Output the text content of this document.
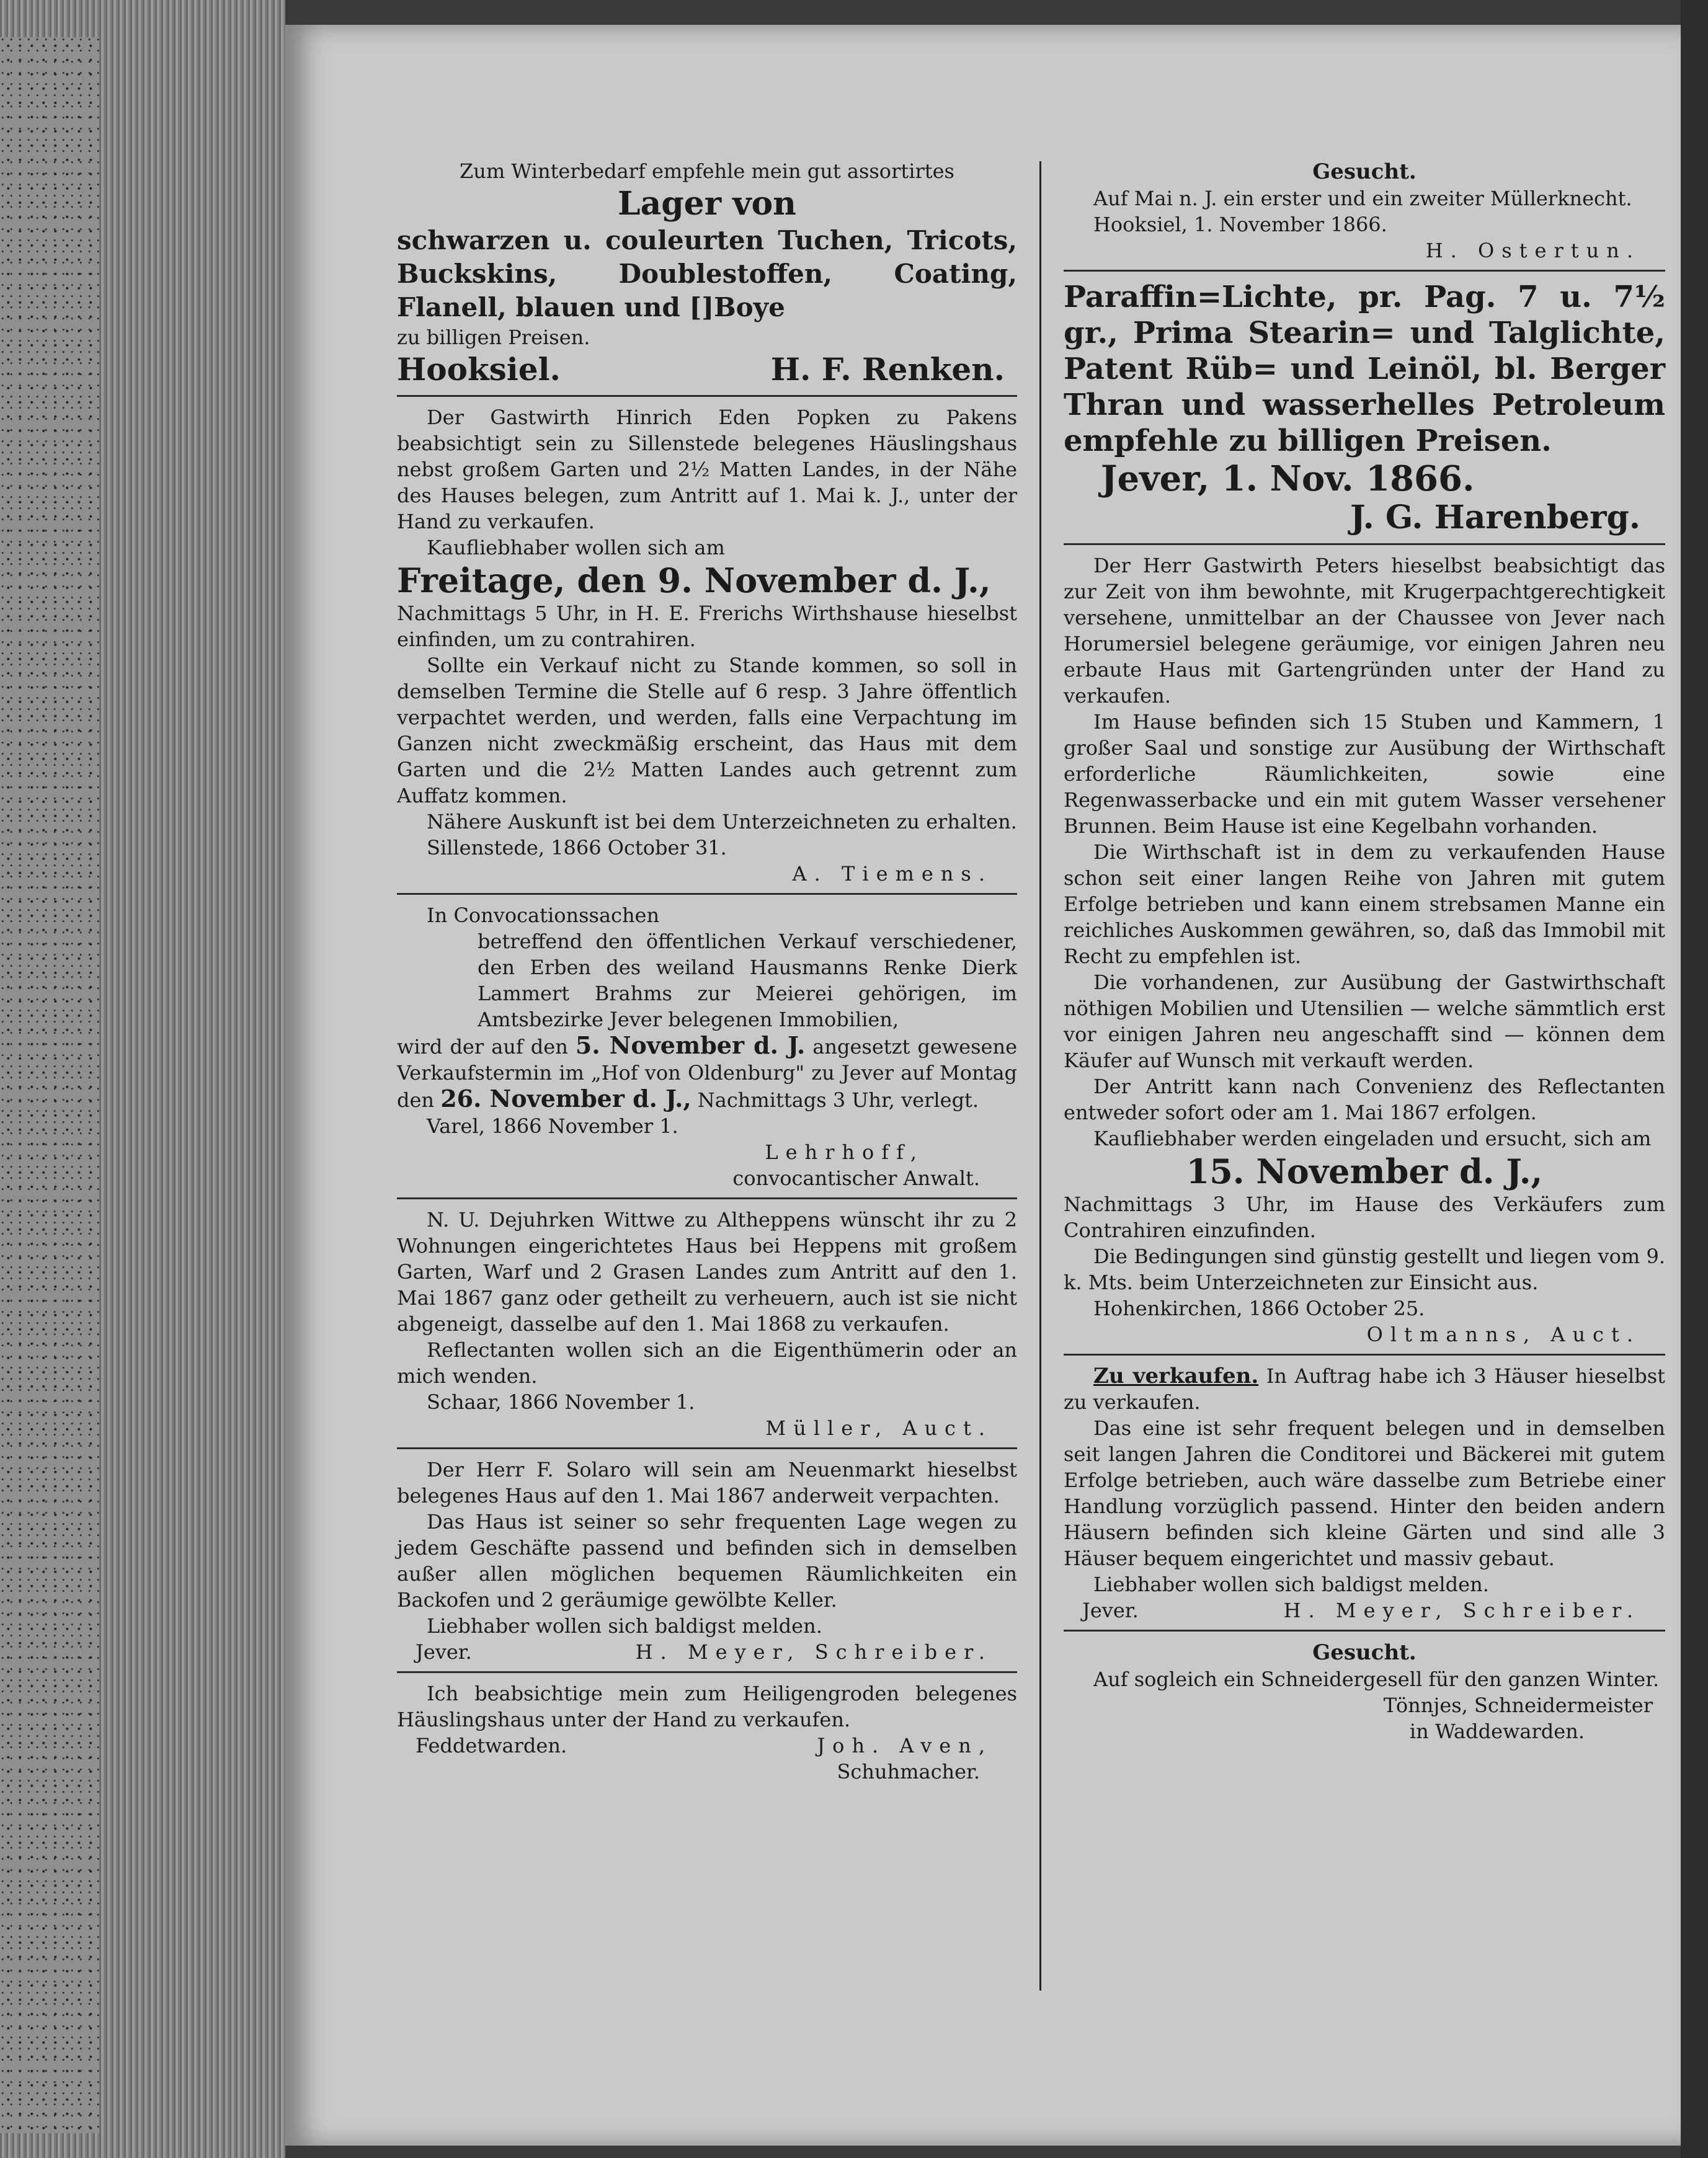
Zum Winterbedarf empfehle mein gut assortirtes
Lager von
schwarzen u. couleurten Tuchen, Tricots, Buckskins, Doublestoffen, Coating, Flanell, blauen und []Boye
zu billigen Preisen.
Hooksiel.	H. F. Renken.
Der Gastwirth Hinrich Eden Popken zu Pakens beabsichtigt sein zu Sillenstede belegenes Häuslingshaus nebst großem Garten und 2½ Matten Landes, in der Nähe des Hauses belegen, zum Antritt auf 1. Mai k. J., unter der Hand zu verkaufen.
Kaufliebhaber wollen sich am
Freitage, den 9. November d. J.,
Nachmittags 5 Uhr, in H. E. Frerichs Wirthshause hieselbst einfinden, um zu contrahiren.
Sollte ein Verkauf nicht zu Stande kommen, so soll in demselben Termine die Stelle auf 6 resp. 3 Jahre öffentlich verpachtet werden, und werden, falls eine Verpachtung im Ganzen nicht zweckmäßig erscheint, das Haus mit dem Garten und die 2½ Matten Landes auch getrennt zum Auffatz kommen.
Nähere Auskunft ist bei dem Unterzeichneten zu erhalten.
Sillenstede, 1866 October 31.
A. Tiemens.
In Convocationssachen
betreffend den öffentlichen Verkauf verschiedener, den Erben des weiland Hausmanns Renke Dierk Lammert Brahms zur Meierei gehörigen, im Amtsbezirke Jever belegenen Immobilien,
wird der auf den 5. November d. J. angesetzt gewesene Verkaufstermin im „Hof von Oldenburg" zu Jever auf Montag den 26. November d. J., Nachmittags 3 Uhr, verlegt.
Varel, 1866 November 1.
Lehrhoff,
convocantischer Anwalt.
N. U. Dejuhrken Wittwe zu Altheppens wünscht ihr zu 2 Wohnungen eingerichtetes Haus bei Heppens mit großem Garten, Warf und 2 Grasen Landes zum Antritt auf den 1. Mai 1867 ganz oder getheilt zu verheuern, auch ist sie nicht abgeneigt, dasselbe auf den 1. Mai 1868 zu verkaufen.
Reflectanten wollen sich an die Eigenthümerin oder an mich wenden.
Schaar, 1866 November 1.
Müller, Auct.
Der Herr F. Solaro will sein am Neuenmarkt hieselbst belegenes Haus auf den 1. Mai 1867 anderweit verpachten.
Das Haus ist seiner so sehr frequenten Lage wegen zu jedem Geschäfte passend und befinden sich in demselben außer allen möglichen bequemen Räumlichkeiten ein Backofen und 2 geräumige gewölbte Keller.
Liebhaber wollen sich baldigst melden.
Jever.	H. Meyer, Schreiber.
Ich beabsichtige mein zum Heiligengroden belegenes Häuslingshaus unter der Hand zu verkaufen.
Feddetwarden.	Joh. Aven,
Schuhmacher.
Gesucht.
Auf Mai n. J. ein erster und ein zweiter Müllerknecht.
Hooksiel, 1. November 1866.
H. Ostertun.
Paraffin=Lichte, pr. Pag. 7 u. 7½ gr., Prima Stearin= und Talglichte, Patent Rüb= und Leinöl, bl. Berger Thran und wasserhelles Petroleum empfehle zu billigen Preisen.
Jever, 1. Nov. 1866.
J. G. Harenberg.
Der Herr Gastwirth Peters hieselbst beabsichtigt das zur Zeit von ihm bewohnte, mit Krugerpachtgerechtigkeit versehene, unmittelbar an der Chaussee von Jever nach Horumersiel belegene geräumige, vor einigen Jahren neu erbaute Haus mit Gartengründen unter der Hand zu verkaufen.
Im Hause befinden sich 15 Stuben und Kammern, 1 großer Saal und sonstige zur Ausübung der Wirthschaft erforderliche Räumlichkeiten, sowie eine Regenwasserbacke und ein mit gutem Wasser versehener Brunnen. Beim Hause ist eine Kegelbahn vorhanden.
Die Wirthschaft ist in dem zu verkaufenden Hause schon seit einer langen Reihe von Jahren mit gutem Erfolge betrieben und kann einem strebsamen Manne ein reichliches Auskommen gewähren, so, daß das Immobil mit Recht zu empfehlen ist.
Die vorhandenen, zur Ausübung der Gastwirthschaft nöthigen Mobilien und Utensilien — welche sämmtlich erst vor einigen Jahren neu angeschafft sind — können dem Käufer auf Wunsch mit verkauft werden.
Der Antritt kann nach Convenienz des Reflectanten entweder sofort oder am 1. Mai 1867 erfolgen.
Kaufliebhaber werden eingeladen und ersucht, sich am
15. November d. J.,
Nachmittags 3 Uhr, im Hause des Verkäufers zum Contrahiren einzufinden.
Die Bedingungen sind günstig gestellt und liegen vom 9. k. Mts. beim Unterzeichneten zur Einsicht aus.
Hohenkirchen, 1866 October 25.
Oltmanns, Auct.
Zu verkaufen. In Auftrag habe ich 3 Häuser hieselbst zu verkaufen.
Das eine ist sehr frequent belegen und in demselben seit langen Jahren die Conditorei und Bäckerei mit gutem Erfolge betrieben, auch wäre dasselbe zum Betriebe einer Handlung vorzüglich passend. Hinter den beiden andern Häusern befinden sich kleine Gärten und sind alle 3 Häuser bequem eingerichtet und massiv gebaut.
Liebhaber wollen sich baldigst melden.
Jever.	H. Meyer, Schreiber.
Gesucht.
Auf sogleich ein Schneidergesell für den ganzen Winter.
Tönnjes, Schneidermeister
in Waddewarden.
